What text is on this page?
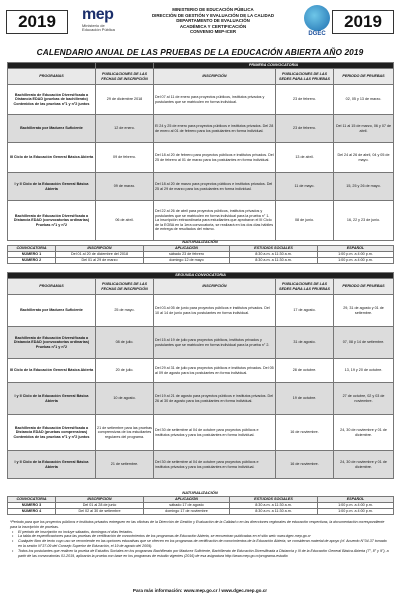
2019	mep
Ministerio de Educación Pública
MINISTERIO DE EDUCACIÓN PÚBLICA
DIRECCIÓN DE GESTIÓN Y EVALUACIÓN DE LA CALIDAD
DEPARTAMENTO DE EVALUACIÓN
ACADÉMICA Y CERTIFICACIÓN
CONVENIO MEP-ICER	DGEC
2019
CALENDARIO ANUAL DE LAS PRUEBAS DE LA EDUCACIÓN ABIERTA AÑO 2019
		PRIMERA CONVOCATORIA		
PROGRAMAS	PUBLICACIONES DE LAS FECHAS DE INSCRIPCIÓN	INSCRIPCIÓN	PUBLICACIONES DE LAS SEDES PARA LAS PRUEBAS	PERIODO DE PRUEBAS
Bachillerato de Educación Diversificada a Distancia EDAD (pruebas de bachillerato) Contenidos de las pruebas n°1 y n°2 juntos	29 de diciembre 2018	Del 07 al 11 de enero para proyectos públicos, institutos privados y postulantes que se matriculen en forma individual.	23 de febrero.	02, 05 y 13 de marzo.
Bachillerato por Madurez Suficiente	12 de enero.	El 24 y 25 de enero para proyectos públicos e institutos privados. Del 28 de enero al 01 de febrero para los postulantes en forma individual.	23 de febrero.	Del 11 al 15 de marzo, 06 y 07 de abril.
III Ciclo de la Educación General Básica Abierta	09 de febrero.	Del 18 al 20 de febrero para proyectos públicos e institutos privados. Del 25 de febrero al 01 de marzo para los postulantes en forma individual.	13 de abril.	Del 24 al 26 de abril, 04 y 05 de mayo.
I y II Ciclo de la Educación General Básica Abierta	09 de marzo.	Del 18 al 20 de marzo para proyectos públicos e institutos privados. Del 25 al 29 de marzo para los postulantes en forma individual.	11 de mayo.	15, 25 y 26 de mayo.
Bachillerato de Educación Diversificada a Distancia EDAD (convocatorias ordinarias) Pruebas n°1 y n°2	06 de abril.	Del 22 al 26 de abril para proyectos públicos, institutos privados y postulantes que se matriculen en forma individual para la prueba n° 1. La inscripción extraordinaria para estudiantes que aprobaron el III Ciclo de la EGBA en la 1era convocatoria, se realizará en los dos días hábiles de entrega de resultados del mismo.	08 de junio.	16, 22 y 23 de junio.
NATURALIZACIÓN
CONVOCATORIA	INSCRIPCIÓN	APLICACIÓN	ESTUDIOS SOCIALES	ESPAÑOL
NÚMERO 1	Del 01 al 20 de diciembre del 2018	sábado 23 de febrero	8:30 a.m. a 11:30 a.m.	1:00 p.m. a 4:00 p.m.
NÚMERO 2	Del 01 al 29 de marzo	domingo 12 de mayo	8:30 a.m. a 11:30 a.m.	1:00 p.m. a 4:00 p.m.
SEGUNDA CONVOCATORIA				
PROGRAMAS	PUBLICACIONES DE LAS FECHAS DE INSCRIPCIÓN	INSCRIPCIÓN	PUBLICACIONES DE LAS SEDES PARA LAS PRUEBAS	PERIODO DE PRUEBAS
Bachillerato por Madurez Suficiente	25 de mayo.	Del 03 al 05 de junio para proyectos públicos e institutos privados. Del 10 al 14 de junio para los postulantes en forma individual.	17 de agosto.	29, 31 de agosto y 01 de setiembre.
Bachillerato de Educación Diversificada a Distancia EDAD (convocatorias ordinarias) Pruebas n°1 y n°2	08 de julio.	Del 15 al 19 de julio para proyectos públicos, institutos privados y postulantes que se matriculen en forma individual para la prueba n° 2.	31 de agosto.	07, 08 y 14 de setiembre.
III Ciclo de la Educación General Básica Abierta	20 de julio.	Del 29 al 31 de julio para proyectos públicos e institutos privados. Del 05 al 09 de agosto para los postulantes en forma individual.	28 de octubre.	13, 19 y 20 de octubre.
I y II Ciclo de la Educación General Básica Abierta	10 de agosto.	Del 19 al 21 de agosto para proyectos públicos e institutos privados. Del 26 al 30 de agosto para los postulantes en forma individual.	19 de octubre.	27 de octubre, 02 y 03 de noviembre.
Bachillerato de Educación Diversificada a Distancia EDAD (pruebas comprensivas) Contenidos de las pruebas n°1 y n°2 juntos	21 de setiembre para las pruebas comprensivas de los estudiantes regulares del programa.	Del 30 de setiembre al 04 de octubre para proyectos públicos e institutos privados y para los postulantes en forma individual.	16 de noviembre.	24, 30 de noviembre y 01 de diciembre.
I y II Ciclo de la Educación General Básica Abierta	21 de setiembre.	Del 30 de setiembre al 04 de octubre para proyectos públicos e institutos privados y para los postulantes en forma individual.	16 de noviembre.	24, 30 de noviembre y 01 de diciembre.
NATURALIZACIÓN
CONVOCATORIA	INSCRIPCIÓN	APLICACIÓN	ESTUDIOS SOCIALES	ESPAÑOL
NÚMERO 3	Del 01 al 28 de junio	sábado 17 de agosto	8:30 a.m. a 11:30 a.m.	1:00 p.m. a 4:00 p.m.
NÚMERO 4	Del 02 al 30 de setiembre	domingo 17 de noviembre	8:30 a.m. a 11:30 a.m.	1:00 p.m. a 4:00 p.m.
*Periodo para que los proyectos públicos e institutos privados entreguen en las oficinas de la Dirección de Gestión y Evaluación de la Calidad o en las direcciones regionales de educación respectivas, la documentación correspondiente para la inscripción de pruebas.
• El periodo de inscripción no incluye sábados, domingos ni días feriados.
• La tabla de especificaciones para las pruebas de certificación de conocimientos de los programas de Educación Abierta, se encuentran publicadas en el sitio web: www.dgec.mep.go.cr
• Cualquier libro de texto cuyo uso se recomiende en las opciones educativas que se ofrecen en los programas de certificación de conocimientos de la Educación Abierta, se consideran material de apoyo (cf. Acuerdo N°04-37 tomado en la sesión N°37-09 del Consejo Superior de Educación, el 19 de agosto del 2009).
• Todos los postulantes que realicen la prueba de Estudios Sociales en los programas Bachillerato por Madurez Suficiente, Bachillerato de Educación Diversificada a Distancia y III de la Educación General Básica Abierta (7°, 8° y 9°), a partir de las convocatorias 01-2019, aplicarán la prueba con base en los programas de estudio vigentes (2016) de esa asignatura http://www.mep.go.cr/programa-estudio
Para más información: www.mep.go.cr / www.dgec.mep.go.cr
